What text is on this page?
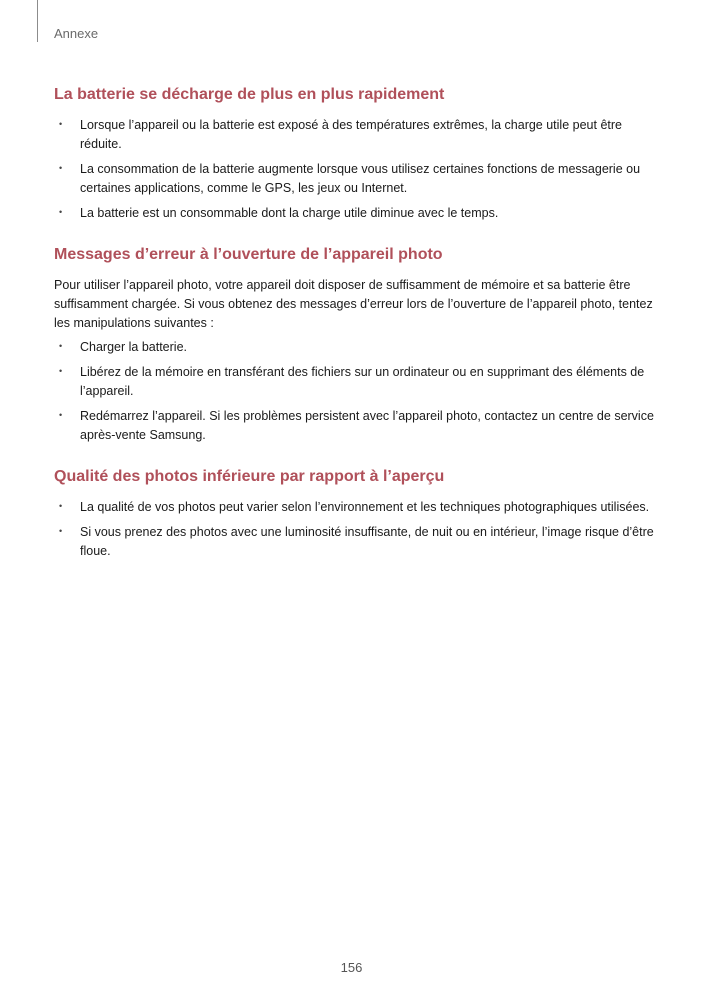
Annexe
La batterie se décharge de plus en plus rapidement
• Lorsque l’appareil ou la batterie est exposé à des températures extrêmes, la charge utile peut être réduite.
• La consommation de la batterie augmente lorsque vous utilisez certaines fonctions de messagerie ou certaines applications, comme le GPS, les jeux ou Internet.
• La batterie est un consommable dont la charge utile diminue avec le temps.
Messages d’erreur à l’ouverture de l’appareil photo

Pour utiliser l’appareil photo, votre appareil doit disposer de suffisamment de mémoire et sa batterie être suffisamment chargée. Si vous obtenez des messages d’erreur lors de l’ouverture de l’appareil photo, tentez les manipulations suivantes :

• Charger la batterie.
• Libérez de la mémoire en transférant des fichiers sur un ordinateur ou en supprimant des éléments de l’appareil.
• Redémarrez l’appareil. Si les problèmes persistent avec l’appareil photo, contactez un centre de service après-vente Samsung.
Qualité des photos inférieure par rapport à l’aperçu
• La qualité de vos photos peut varier selon l’environnement et les techniques photographiques utilisées.
• Si vous prenez des photos avec une luminosité insuffisante, de nuit ou en intérieur, l’image risque d’être floue.
156
